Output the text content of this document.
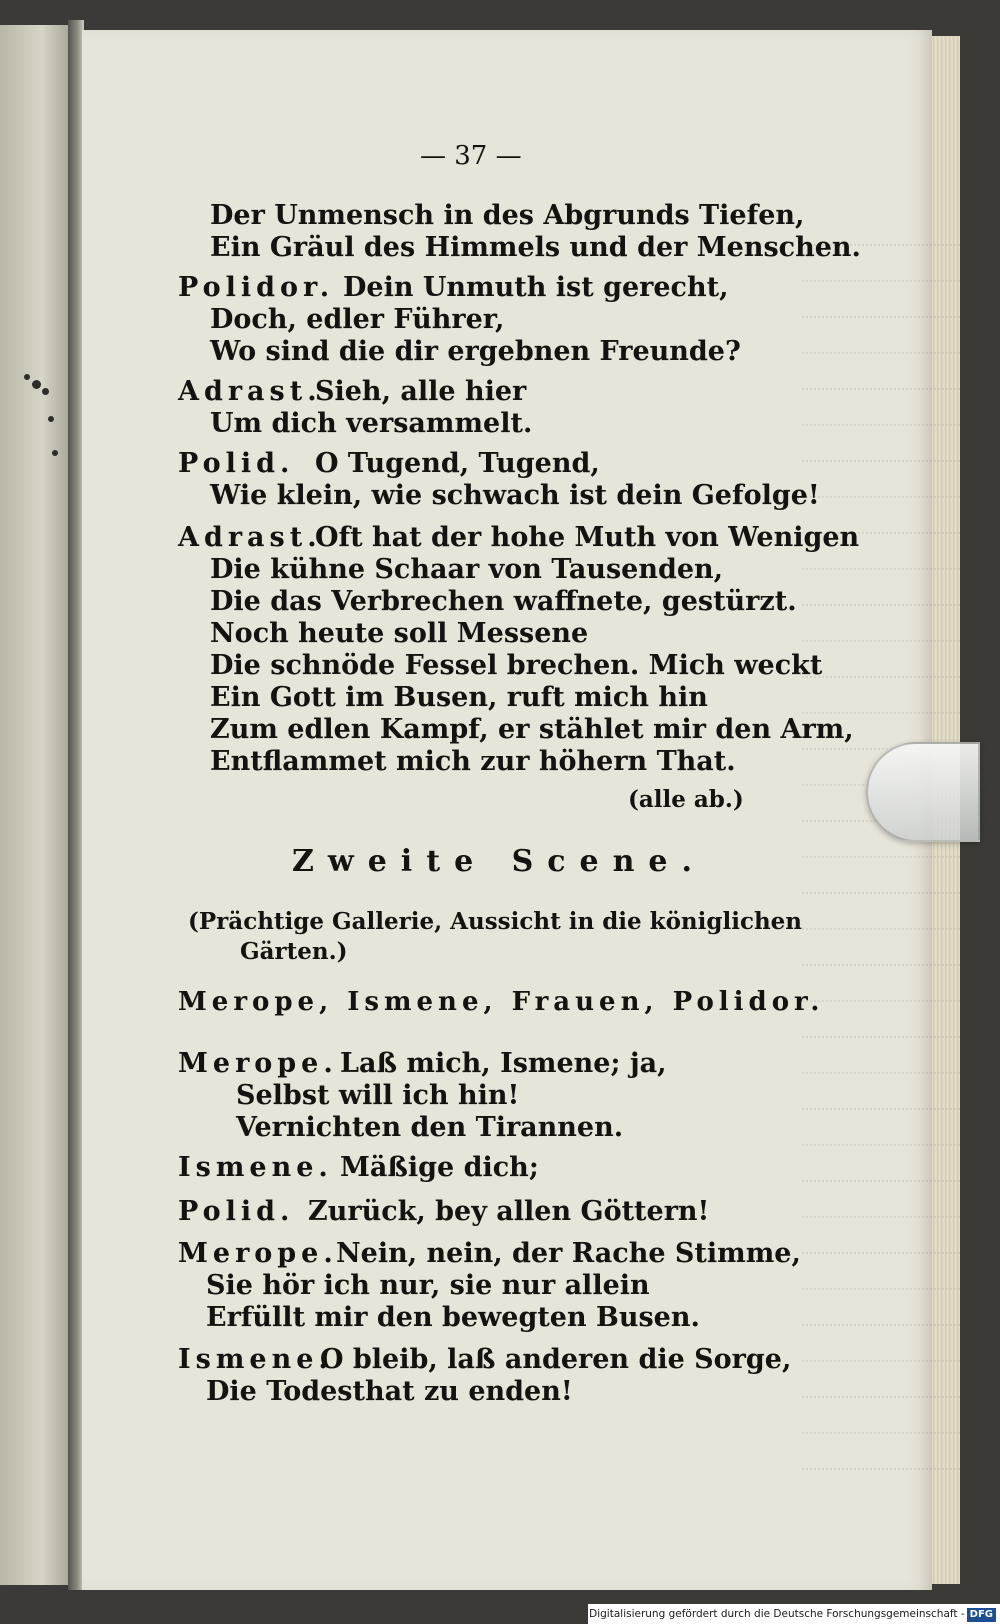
— 37 —
Der Unmensch in des Abgrunds Tiefen,
Ein Gräul des Himmels und der Menschen.
Polidor. Dein Unmuth ist gerecht,
Doch, edler Führer,
Wo sind die dir ergebnen Freunde?
Adrast.
Sieh, alle hier
Um dich versammelt.
Polid. O Tugend, Tugend,
Wie klein, wie schwach ist dein Gefolge!
Adrast.
Oft hat der hohe Muth von Wenigen
Die kühne Schaar von Tausenden,
Die das Verbrechen waffnete, gestürzt.
Noch heute soll Messene
Die schnöde Fessel brechen. Mich weckt
Ein Gott im Busen, ruft mich hin
Zum edlen Kampf, er stählet mir den Arm,
Entflammet mich zur höhern That.
(alle ab.)
Zweite Scene.
(Prächtige Gallerie, Aussicht in die königlichen
Gärten.)
Merope, Ismene, Frauen, Polidor.
Merope. Laß mich, Ismene; ja,
Selbst will ich hin!
Vernichten den Tirannen.
Ismene. Mäßige dich;
Polid. Zurück, bey allen Göttern!
Merope.
Nein, nein, der Rache Stimme,
Sie hör ich nur, sie nur allein
Erfüllt mir den bewegten Busen.
Ismene.
O bleib, laß anderen die Sorge,
Die Todesthat zu enden!
Digitalisierung gefördert durch die Deutsche Forschungsgemeinschaft - DFG
